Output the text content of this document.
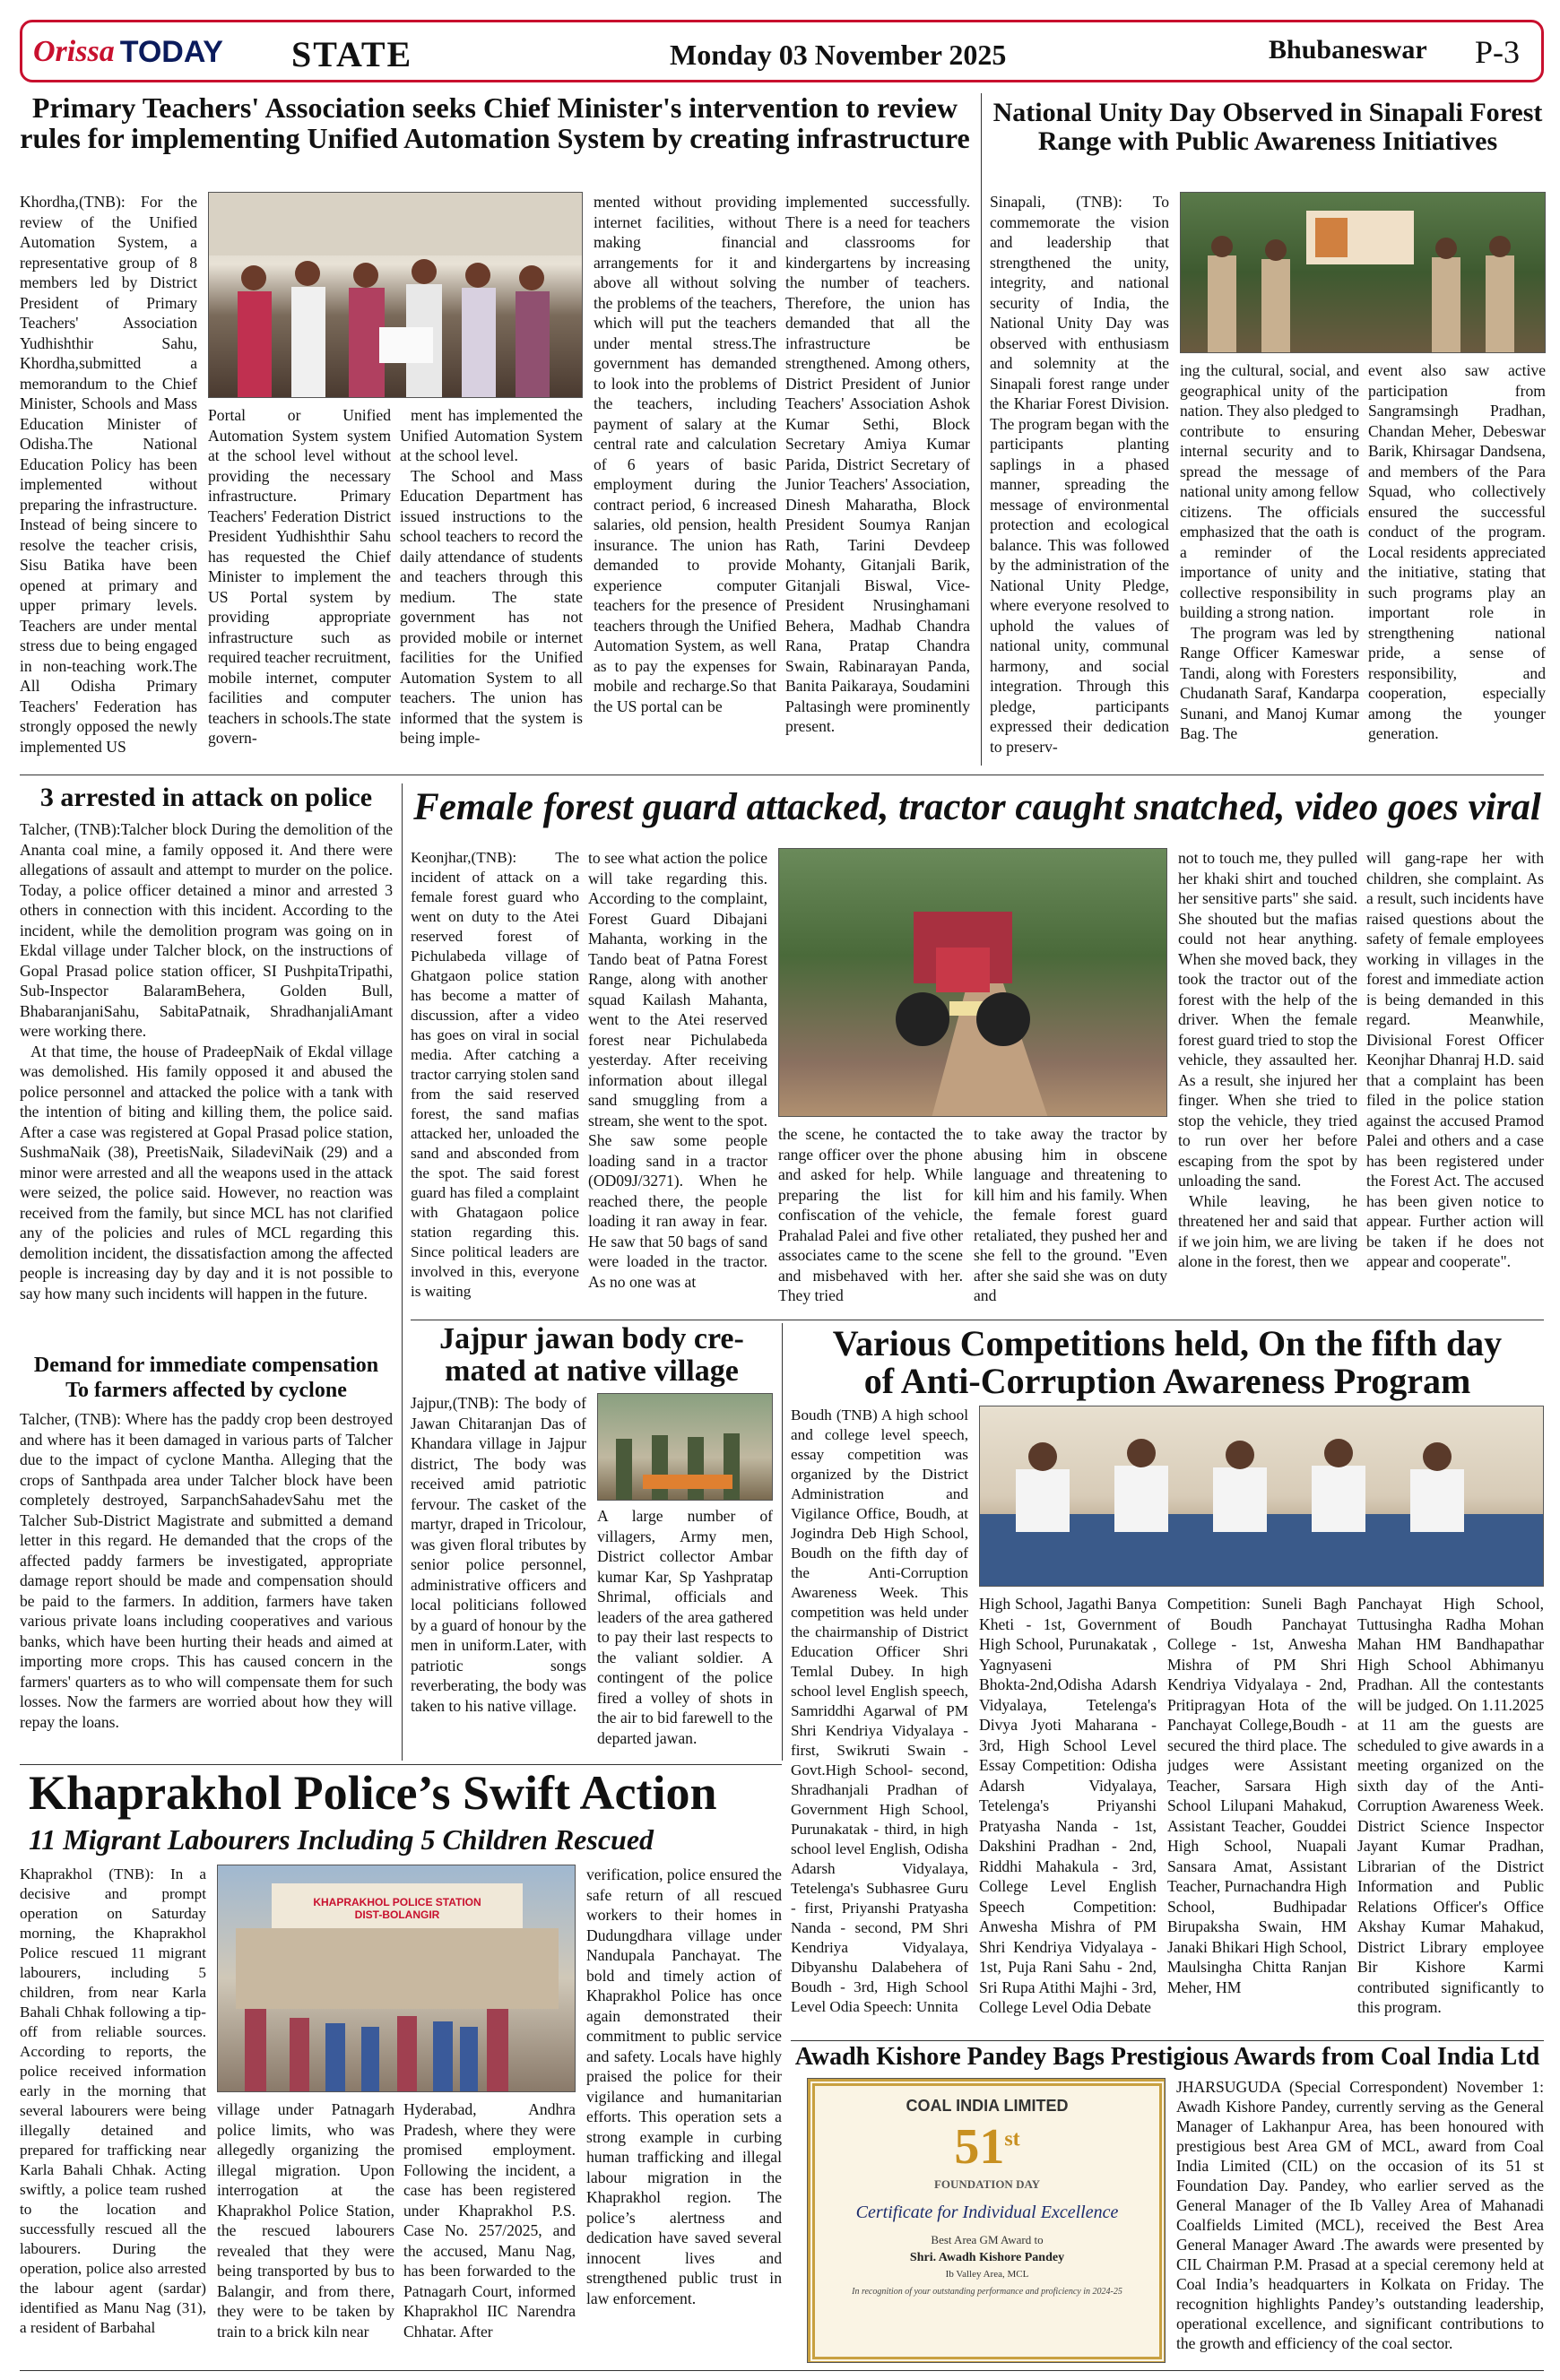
Orissa TODAY STATE	Monday 03 November 2025	Bhubaneswar P-3
Primary Teachers' Association seeks Chief Minister's intervention to review
rules for implementing Unified Automation System by creating infrastructure
Khordha,(TNB): For the review of the Unified Automation System, a representative group of 8 members led by District President of Primary Teachers' Association Yudhishthir Sahu, Khordha,submitted a memorandum to the Chief Minister, Schools and Mass Education Minister of Odisha.The National Education Policy has been implemented without preparing the infrastructure. Instead of being sincere to resolve the teacher crisis, Sisu Batika have been opened at primary and upper primary levels. Teachers are under mental stress due to being engaged in non-teaching work.The All Odisha Primary Teachers' Federation has strongly opposed the newly implemented US
Portal or Unified Automation System system at the school level without providing the necessary infrastructure. Primary Teachers' Federation District President Yudhishthir Sahu has requested the Chief Minister to implement the US Portal system by providing appropriate infrastructure such as required teacher recruitment, mobile internet, computer facilities and computer teachers in schools.The state govern-

ment has implemented the Unified Automation System at the school level.

The School and Mass Education Department has issued instructions to the school teachers to record the daily attendance of students and teachers through this medium. The state government has not provided mobile or internet facilities for the Unified Automation System to all teachers. The union has informed that the system is being imple-

mented without providing internet facilities, without making financial arrangements for it and above all without solving the problems of the teachers, which will put the teachers under mental stress.The government has demanded to look into the problems of the teachers, including payment of salary at the central rate and calculation of 6 years of basic employment during the contract period, 6 increased salaries, old pension, health insurance. The union has demanded to provide experience computer teachers for the presence of teachers through the Unified Automation System, as well as to pay the expenses for mobile and recharge.So that the US portal can be
implemented successfully. There is a need for teachers and classrooms for kindergartens by increasing the number of teachers. Therefore, the union has demanded that all the infrastructure be strengthened. Among others, District President of Junior Teachers' Association Ashok Kumar Sethi, Block Secretary Amiya Kumar Parida, District Secretary of Junior Teachers' Association, Dinesh Maharatha, Block President Soumya Ranjan Rath, Tarini Devdeep Mohanty, Gitanjali Barik, Gitanjali Biswal, Vice-President Nrusinghamani Behera, Madhab Chandra Rana, Pratap Chandra Swain, Rabinarayan Panda, Banita Paikaraya, Soudamini Paltasingh were prominently present.
National Unity Day Observed in Sinapali Forest
Range with Public Awareness Initiatives
Sinapali, (TNB): To commemorate the vision and leadership that strengthened the unity, integrity, and national security of India, the National Unity Day was observed with enthusiasm and solemnity at the Sinapali forest range under the Khariar Forest Division. The program began with the participants planting saplings in a phased manner, spreading the message of environmental protection and ecological balance. This was followed by the administration of the National Unity Pledge, where everyone resolved to uphold the values of national unity, communal harmony, and social integration. Through this pledge, participants expressed their dedication to preserv-

ing the cultural, social, and geographical unity of the nation. They also pledged to contribute to ensuring internal security and to spread the message of national unity among fellow citizens. The officials emphasized that the oath is a reminder of the importance of unity and collective responsibility in building a strong nation.

The program was led by Range Officer Kameswar Tandi, along with Foresters Chudanath Saraf, Kandarpa Sunani, and Manoj Kumar Bag. The

event also saw active participation from Sangramsingh Pradhan, Chandan Meher, Debeswar Barik, Khirsagar Dandsena, and members of the Para Squad, who collectively ensured the successful conduct of the program. Local residents appreciated the initiative, stating that such programs play an important role in strengthening national pride, a sense of responsibility, and cooperation, especially among the younger generation.
3 arrested in attack on police

Talcher, (TNB):Talcher block During the demolition of the Ananta coal mine, a family opposed it. And there were allegations of assault and attempt to murder on the police. Today, a police officer detained a minor and arrested 3 others in connection with this incident. According to the incident, while the demolition program was going on in Ekdal village under Talcher block, on the instructions of Gopal Prasad police station officer, SI PushpitaTripathi, Sub-Inspector BalaramBehera, Golden Bull, BhabaranjaniSahu, SabitaPatnaik, ShradhanjaliAmant were working there.

At that time, the house of PradeepNaik of Ekdal village was demolished. His family opposed it and abused the police personnel and attacked the police with a tank with the intention of biting and killing them, the police said. After a case was registered at Gopal Prasad police station, SushmaNaik (38), PreetisNaik, SiladeviNaik (29) and a minor were arrested and all the weapons used in the attack were seized, the police said. However, no reaction was received from the family, but since MCL has not clarified any of the policies and rules of MCL regarding this demolition incident, the dissatisfaction among the affected people is increasing day by day and it is not possible to say how many such incidents will happen in the future.

Demand for immediate compensation
To farmers affected by cyclone
Talcher, (TNB): Where has the paddy crop been destroyed and where has it been damaged in various parts of Talcher due to the impact of cyclone Mantha. Alleging that the crops of Santhpada area under Talcher block have been completely destroyed, SarpanchSahadevSahu met the Talcher Sub-District Magistrate and submitted a demand letter in this regard. He demanded that the crops of the affected paddy farmers be investigated, appropriate damage report should be made and compensation should be paid to the farmers. In addition, farmers have taken various private loans including cooperatives and various banks, which have been hurting their heads and aimed at importing more crops. This has caused concern in the farmers' quarters as to who will compensate them for such losses. Now the farmers are worried about how they will repay the loans.
Female forest guard attacked, tractor caught snatched, video goes viral
Keonjhar,(TNB): The incident of attack on a female forest guard who went on duty to the Atei reserved forest of Pichulabeda village of Ghatgaon police station has become a matter of discussion, after a video has goes on viral in social media. After catching a tractor carrying stolen sand from the said reserved forest, the sand mafias attacked her, unloaded the sand and absconded from the spot. The said forest guard has filed a complaint with Ghatagaon police station regarding this. Since political leaders are involved in this, everyone is waiting
to see what action the police will take regarding this. According to the complaint, Forest Guard Dibajani Mahanta, working in the Tando beat of Patna Forest Range, along with another squad Kailash Mahanta, went to the Atei reserved forest near Pichulabeda yesterday. After receiving information about illegal sand smuggling from a stream, she went to the spot. She saw some people loading sand in a tractor (OD09J/3271). When he reached there, the people loading it ran away in fear. He saw that 50 bags of sand were loaded in the tractor. As no one was at
the scene, he contacted the range officer over the phone and asked for help. While preparing the list for confiscation of the vehicle, Prahalad Palei and five other associates came to the scene and misbehaved with her. They tried
to take away the tractor by abusing him in obscene language and threatening to kill him and his family. When the female forest guard retaliated, they pushed her and she fell to the ground. "Even after she said she was on duty and

not to touch me, they pulled her khaki shirt and touched her sensitive parts" she said. She shouted but the mafias could not hear anything. When she moved back, they took the tractor out of the forest with the help of the driver. When the female forest guard tried to stop the vehicle, they assaulted her. As a result, she injured her finger. When she tried to stop the vehicle, they tried to run over her before escaping from the spot by unloading the sand.

While leaving, he threatened her and said that if we join him, we are living alone in the forest, then we

will gang-rape her with children, she complaint. As a result, such incidents have raised questions about the safety of female employees working in villages in the forest and immediate action is being demanded in this regard. Meanwhile, Divisional Forest Officer Keonjhar Dhanraj H.D. said that a complaint has been filed in the police station against the accused Pramod Palei and others and a case has been registered under the Forest Act. The accused has been given notice to appear. Further action will be taken if he does not appear and cooperate".
Jajpur jawan body cre-
mated at native village
Jajpur,(TNB): The body of Jawan Chitaranjan Das of Khandara village in Jajpur district, The body was received amid patriotic fervour. The casket of the martyr, draped in Tricolour, was given floral tributes by senior police personnel, administrative officers and local politicians followed by a guard of honour by the men in uniform.Later, with patriotic songs reverberating, the body was taken to his native village.
A large number of villagers, Army men, District collector Ambar kumar Kar, Sp Yashpratap Shrimal, officials and leaders of the area gathered to pay their last respects to the valiant soldier. A contingent of the police fired a volley of shots in the air to bid farewell to the departed jawan.
Various Competitions held, On the fifth day
of Anti-Corruption Awareness Program
Boudh (TNB) A high school and college level speech, essay competition was organized by the District Administration and Vigilance Office, Boudh, at Jogindra Deb High School, Boudh on the fifth day of the Anti-Corruption Awareness Week. This competition was held under the chairmanship of District Education Officer Shri Temlal Dubey. In high school level English speech, Samriddhi Agarwal of PM Shri Kendriya Vidyalaya - first, Swikruti Swain - Govt.High School- second, Shradhanjali Pradhan of Government High School, Purunakatak - third, in high school level English, Odisha Adarsh Vidyalaya, Tetelenga's Subhasree Guru - first, Priyanshi Pratyasha Nanda - second, PM Shri Kendriya Vidyalaya, Dibyanshu Dalabehera of Boudh - 3rd, High School Level Odia Speech: Unnita
High School, Jagathi Banya Kheti - 1st, Government High School, Purunakatak , Yagnyaseni Bhoktа-2nd,Odisha Adarsh Vidyalaya, Tetelenga's Divya Jyoti Maharana - 3rd, High School Level Essay Competition: Odisha Adarsh Vidyalaya, Tetelenga's Priyanshi Pratyasha Nanda - 1st, Dakshini Pradhan - 2nd, Riddhi Mahakula - 3rd, College Level English Speech Competition: Anwesha Mishra of PM Shri Kendriya Vidyalaya - 1st, Puja Rani Sahu - 2nd, Sri Rupa Atithi Majhi - 3rd, College Level Odia Debate
Competition: Suneli Bagh of Boudh Panchayat College - 1st, Anwesha Mishra of PM Shri Kendriya Vidyalaya - 2nd, Pritipragyan Hota of the Panchayat College,Boudh - secured the third place. The judges were Assistant Teacher, Sarsara High School Lilupani Mahakud, Assistant Teacher, Gouddei High School, Nuapali Sansara Amat, Assistant Teacher, Purnachandra High School, Budhipadar Birupaksha Swain, HM Janaki Bhikari High School, Maulsingha Chitta Ranjan Meher, HM
Panchayat High School, Tuttusingha Radha Mohan Mahan HM Bandhapathar High School Abhimanyu Pradhan. All the contestants will be judged. On 1.11.2025 at 11 am the guests are scheduled to give awards in a meeting organized on the sixth day of the Anti-Corruption Awareness Week. District Science Inspector Jayant Kumar Pradhan, Librarian of the District Information and Public Relations Officer's Office Akshay Kumar Mahakud, District Library employee Bir Kishore Karmi contributed significantly to this program.
Khaprakhol Police’s Swift Action
11 Migrant Labourers Including 5 Children Rescued
Khaprakhol (TNB): In a decisive and prompt operation on Saturday morning, the Khaprakhol Police rescued 11 migrant labourers, including 5 children, from near Karla Bahali Chhak following a tip-off from reliable sources. According to reports, the police received information early in the morning that several labourers were being illegally detained and prepared for trafficking near Karla Bahali Chhak. Acting swiftly, a police team rushed to the location and successfully rescued all the labourers. During the operation, police also arrested the labour agent (sardar) identified as Manu Nag (31), a resident of Barbahal
KHAPRAKHOL POLICE STATION
DIST-BOLANGIR
village under Patnagarh police limits, who was allegedly organizing the illegal migration. Upon interrogation at the Khaprakhol Police Station, the rescued labourers revealed that they were being transported by bus to Balangir, and from there, they were to be taken by train to a brick kiln near
Hyderabad, Andhra Pradesh, where they were promised employment. Following the incident, a case has been registered under Khaprakhol P.S. Case No. 257/2025, and the accused, Manu Nag, has been forwarded to the Patnagarh Court, informed Khaprakhol IIC Narendra Chhatar. After
verification, police ensured the safe return of all rescued workers to their homes in Dudungdhara village under Nandupala Panchayat. The bold and timely action of Khaprakhol Police has once again demonstrated their commitment to public service and safety. Locals have highly praised the police for their vigilance and humanitarian efforts. This operation sets a strong example in curbing human trafficking and illegal labour migration in the Khaprakhol region. The police’s alertness and dedication have saved several innocent lives and strengthened public trust in law enforcement.
Awadh Kishore Pandey Bags Prestigious Awards from Coal India Ltd
COAL INDIA LIMITED
51st
FOUNDATION DAY
Certificate for Individual Excellence
Best Area GM Award to
Shri. Awadh Kishore Pandey
Ib Valley Area, MCL
In recognition of your outstanding performance and proficiency in 2024-25
JHARSUGUDA (Special Correspondent) November 1: Awadh Kishore Pandey, currently serving as the General Manager of Lakhanpur Area, has been honoured with prestigious best Area GM of MCL, award from Coal India Limited (CIL) on the occasion of its 51 st Foundation Day. Pandey, who earlier served as the General Manager of the Ib Valley Area of Mahanadi Coalfields Limited (MCL), received the Best Area General Manager Award .The awards were presented by CIL Chairman P.M. Prasad at a special ceremony held at Coal India’s headquarters in Kolkata on Friday. The recognition highlights Pandey’s outstanding leadership, operational excellence, and significant contributions to the growth and efficiency of the coal sector.
